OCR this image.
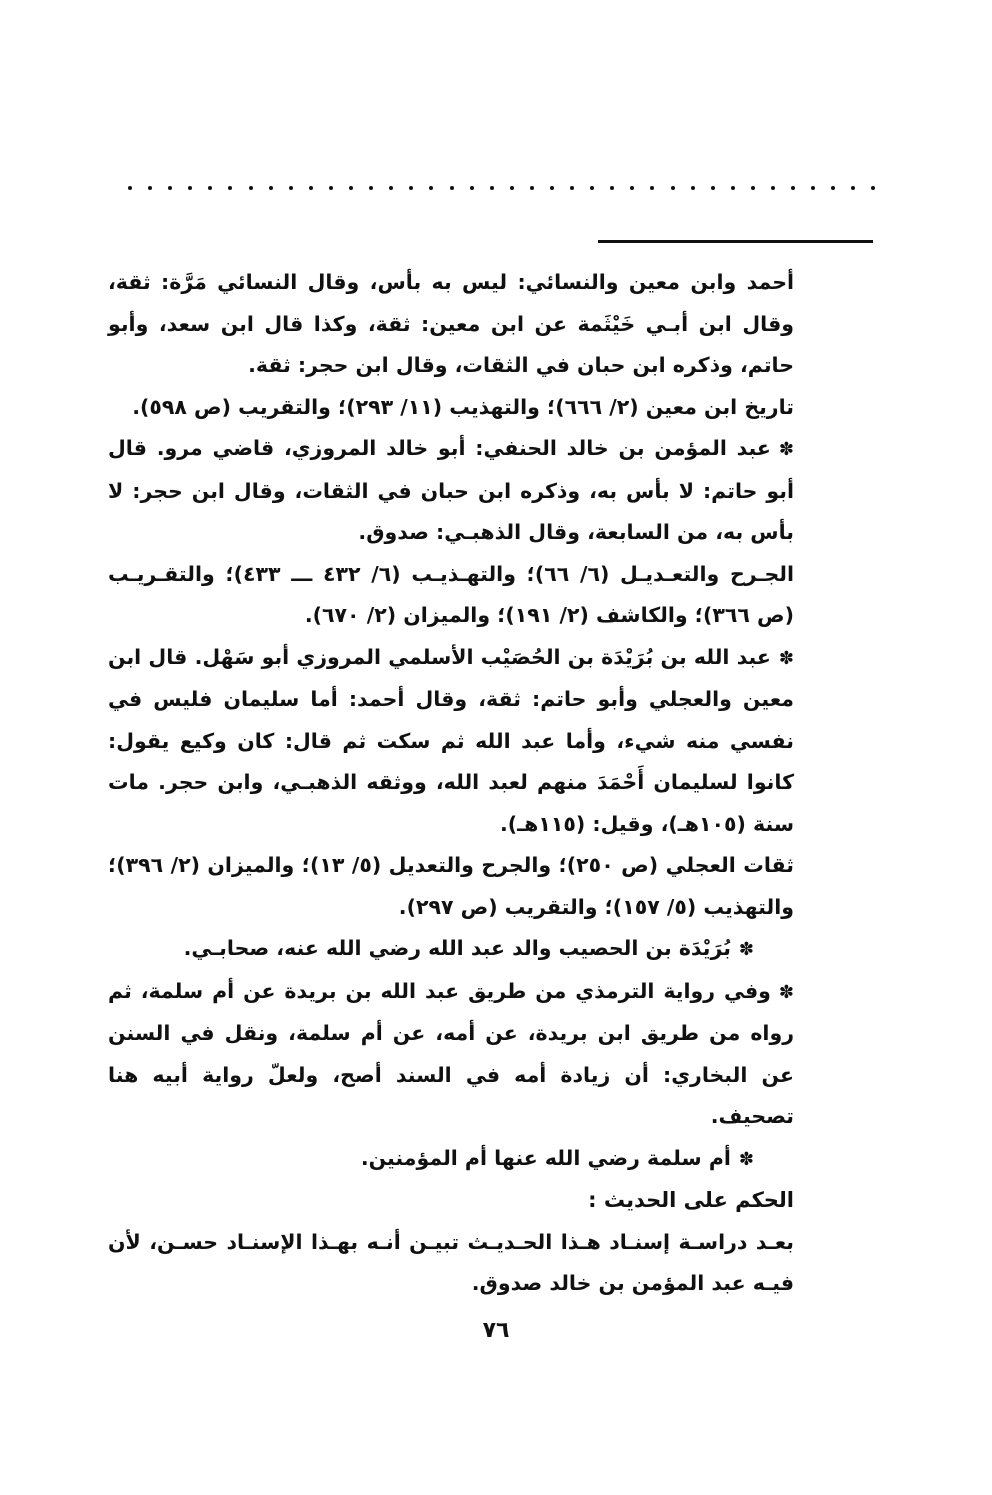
أحمد وابن معين والنسائي: ليس به بأس، وقال النسائي مَرَّة: ثقة، وقال ابن أبـي خَيْثَمة عن ابن معين: ثقة، وكذا قال ابن سعد، وأبو حاتم، وذكره ابن حبان في الثقات، وقال ابن حجر: ثقة.

تاريخ ابن معين (٢/ ٦٦٦)؛ والتهذيب (١١/ ٢٩٣)؛ والتقريب (ص ٥٩٨).

✽ عبد المؤمن بن خالد الحنفي: أبو خالد المروزي، قاضي مرو. قال أبو حاتم: لا بأس به، وذكره ابن حبان في الثقات، وقال ابن حجر: لا بأس به، من السابعة، وقال الذهبـي: صدوق.

الجـرح والتعـديـل (٦/ ٦٦)؛ والتهـذيـب (٦/ ٤٣٢ ـــ ٤٣٣)؛ والتقـريـب (ص ٣٦٦)؛ والكاشف (٢/ ١٩١)؛ والميزان (٢/ ٦٧٠).

✽ عبد الله بن بُرَيْدَة بن الحُصَيْب الأسلمي المروزي أبو سَهْل. قال ابن معين والعجلي وأبو حاتم: ثقة، وقال أحمد: أما سليمان فليس في نفسي منه شيء، وأما عبد الله ثم سكت ثم قال: كان وكيع يقول: كانوا لسليمان أَحْمَدَ منهم لعبد الله، ووثقه الذهبـي، وابن حجر. مات سنة (١٠٥هـ)، وقيل: (١١٥هـ).

ثقات العجلي (ص ٢٥٠)؛ والجرح والتعديل (٥/ ١٣)؛ والميزان (٢/ ٣٩٦)؛ والتهذيب (٥/ ١٥٧)؛ والتقريب (ص ٢٩٧).

✽ بُرَيْدَة بن الحصيب والد عبد الله رضي الله عنه، صحابـي.

✽ وفي رواية الترمذي من طريق عبد الله بن بريدة عن أم سلمة، ثم رواه من طريق ابن بريدة، عن أمه، عن أم سلمة، ونقل في السنن عن البخاري: أن زيادة أمه في السند أصح، ولعلّ رواية أبيه هنا تصحيف.

✽ أم سلمة رضي الله عنها أم المؤمنين.

الحكم على الحديث :

بعـد دراسـة إسنـاد هـذا الحـديـث تبيـن أنـه بهـذا الإسنـاد حسـن، لأن فيـه عبد المؤمن بن خالد صدوق.

٧٦
